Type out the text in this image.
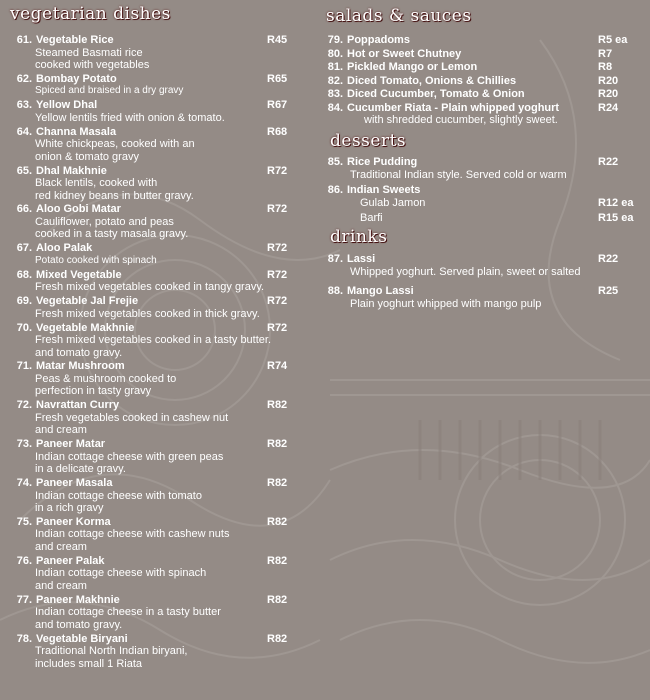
vegetarian dishes
61. Vegetable Rice	R45
Steamed Basmati rice
cooked with vegetables
62. Bombay Potato	R65
Spiced and braised in a dry gravy
63. Yellow Dhal	R67
Yellow lentils fried with onion & tomato.
64. Channa Masala	R68
White chickpeas, cooked with an
onion & tomato gravy
65. Dhal Makhnie	R72
Black lentils, cooked with
red kidney beans in butter gravy.
66. Aloo Gobi Matar	R72
Cauliflower, potato and peas
cooked in a tasty masala gravy.
67. Aloo Palak	R72
Potato cooked with spinach
68. Mixed Vegetable	R72
Fresh mixed vegetables cooked in tangy gravy.
69. Vegetable Jal Frejie	R72
Fresh mixed vegetables cooked in thick gravy.
70. Vegetable Makhnie	R72
Fresh mixed vegetables cooked in a tasty butter.
and tomato gravy.
71. Matar Mushroom	R74
Peas & mushroom cooked to
perfection in tasty gravy
72. Navrattan Curry	R82
Fresh vegetables cooked in cashew nut
and cream
73. Paneer Matar	R82
Indian cottage cheese with green peas
in a delicate gravy.
74. Paneer Masala	R82
Indian cottage cheese with tomato
in a rich gravy
75. Paneer Korma	R82
Indian cottage cheese with cashew nuts
and cream
76. Paneer Palak	R82
Indian cottage cheese with spinach
and cream
77. Paneer Makhnie	R82
Indian cottage cheese in a tasty butter
and tomato gravy.
78. Vegetable Biryani	R82
Traditional North Indian biryani,
includes small 1 Riata
salads & sauces
79. Poppadoms	R5 ea
80. Hot or Sweet Chutney	R7
81. Pickled Mango or Lemon	R8
82. Diced Tomato, Onions & Chillies	R20
83. Diced Cucumber, Tomato & Onion	R20
84. Cucumber Riata - Plain whipped yoghurt	R24
with shredded cucumber, slightly sweet.
desserts
85. Rice Pudding	R22
Traditional Indian style. Served cold or warm
86. Indian Sweets
Gulab Jamon	R12 ea
Barfi	R15 ea
drinks
87. Lassi	R22
Whipped yoghurt. Served plain, sweet or salted
88. Mango Lassi	R25
Plain yoghurt whipped with mango pulp
